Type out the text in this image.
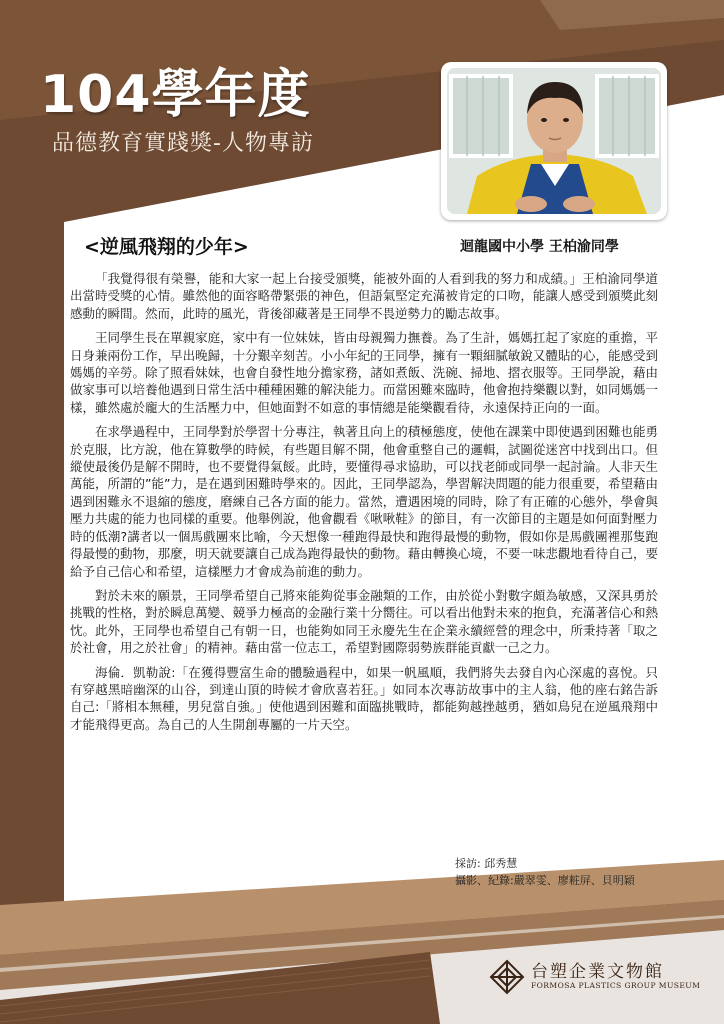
104學年度
品德教育實踐獎-人物專訪
<逆風飛翔的少年>	迴龍國中小學 王柏渝同學

「我覺得很有榮譽，能和大家一起上台接受頒獎，能被外面的人看到我的努力和成績。」王柏渝同學道出當時受獎的心情。雖然他的面容略帶緊張的神色，但語氣堅定充滿被肯定的口吻，能讓人感受到頒獎此刻感動的瞬間。然而，此時的風光，背後卻藏著是王同學不畏逆勢力的勵志故事。

王同學生長在單親家庭，家中有一位妹妹，皆由母親獨力撫養。為了生計，媽媽扛起了家庭的重擔，平日身兼兩份工作，早出晚歸，十分艱辛刻苦。小小年紀的王同學，擁有一顆細膩敏銳又體貼的心，能感受到媽媽的辛勞。除了照看妹妹，也會自發性地分擔家務，諸如煮飯、洗碗、掃地、摺衣服等。王同學說，藉由做家事可以培養他遇到日常生活中種種困難的解決能力。而當困難來臨時，他會抱持樂觀以對，如同媽媽一樣，雖然處於龐大的生活壓力中，但她面對不如意的事情總是能樂觀看待，永遠保持正向的一面。

在求學過程中，王同學對於學習十分專注，執著且向上的積極態度，使他在課業中即使遇到困難也能勇於克服，比方說，他在算數學的時候，有些題目解不開，他會重整自己的邏輯，試圖從迷宮中找到出口。但縱使最後仍是解不開時，也不要覺得氣餒。此時，要懂得尋求協助，可以找老師或同學一起討論。人非天生萬能，所謂的”能”力，是在遇到困難時學來的。因此，王同學認為，學習解決問題的能力很重要，希望藉由遇到困難永不退縮的態度，磨練自己各方面的能力。當然，遭遇困境的同時，除了有正確的心態外，學會與壓力共處的能力也同樣的重要。他舉例說，他會觀看《啾啾鞋》的節目，有一次節目的主題是如何面對壓力時的低潮?講者以一個馬戲團來比喻，今天想像一種跑得最快和跑得最慢的動物，假如你是馬戲團裡那隻跑得最慢的動物，那麼，明天就要讓自己成為跑得最快的動物。藉由轉換心境，不要一味悲觀地看待自己，要給予自己信心和希望，這樣壓力才會成為前進的動力。

對於未來的願景，王同學希望自己將來能夠從事金融類的工作，由於從小對數字頗為敏感，又深具勇於挑戰的性格，對於瞬息萬變、競爭力極高的金融行業十分嚮往。可以看出他對未來的抱負，充滿著信心和熱忱。此外，王同學也希望自己有朝一日，也能夠如同王永慶先生在企業永續經營的理念中，所秉持著「取之於社會，用之於社會」的精神。藉由當一位志工，希望對國際弱勢族群能貢獻一己之力。

海倫．凱勒說:「在獲得豐富生命的體驗過程中，如果一帆風順，我們將失去發自內心深處的喜悅。只有穿越黑暗幽深的山谷，到達山頂的時候才會欣喜若狂。」如同本次專訪故事中的主人翁，他的座右銘告訴自己:「將相本無種，男兒當自強。」使他遇到困難和面臨挑戰時，都能夠越挫越勇，猶如鳥兒在逆風飛翔中才能飛得更高。為自己的人生開創專屬的一片天空。

採訪: 邱秀慧
攝影、紀錄:嚴翠雯、廖粧屏、貝明穎
台塑企業文物館
FORMOSA PLASTICS GROUP MUSEUM
